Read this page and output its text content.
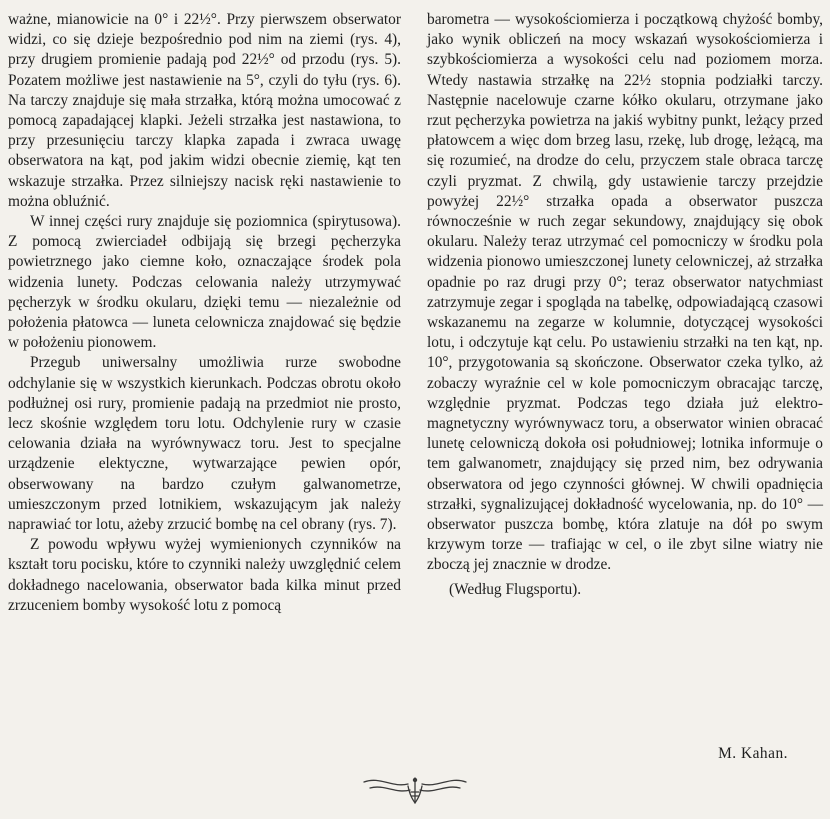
ważne, mianowicie na 0° i 22½°. Przy pierwszem obserwator widzi, co się dzieje bezpośrednio pod nim na ziemi (rys. 4), przy drugiem promienie padają pod 22½° od przodu (rys. 5). Pozatem możliwe jest nastawienie na 5°, czyli do tyłu (rys. 6). Na tarczy znajduje się mała strzałka, którą można umocować z pomocą zapadającej klapki. Jeżeli strzałka jest nastawiona, to przy przesunięciu tarczy klapka zapada i zwraca uwagę obserwatora na kąt, pod jakim widzi obecnie ziemię, kąt ten wskazuje strzałka. Przez silniejszy nacisk ręki nastawienie to można obluźnić.

W innej części rury znajduje się poziomnica (spirytusowa). Z pomocą zwierciadeł odbijają się brzegi pęcherzyka powietrznego jako ciemne koło, oznaczające środek pola widzenia lunety. Podczas celowania należy utrzymywać pęcherzyk w środku okularu, dzięki temu — niezależnie od położenia płatowca — luneta celownicza znajdować się będzie w położeniu pionowem.

Przegub uniwersalny umożliwia rurze swobodne odchylanie się w wszystkich kierunkach. Podczas obrotu około podłużnej osi rury, promienie padają na przedmiot nie prosto, lecz skośnie względem toru lotu. Odchylenie rury w czasie celowania działa na wyrównywacz toru. Jest to specjalne urządzenie elektyczne, wytwarzające pewien opór, obserwowany na bardzo czułym galwanometrze, umieszczonym przed lotnikiem, wskazującym jak należy naprawiać tor lotu, ażeby zrzucić bombę na cel obrany (rys. 7).

Z powodu wpływu wyżej wymienionych czynników na kształt toru pocisku, które to czynniki należy uwzględnić celem dokładnego nacelowania, obserwator bada kilka minut przed zrzuceniem bomby wysokość lotu z pomocą

barometra — wysokościomierza i początkową chyżość bomby, jako wynik obliczeń na mocy wskazań wysokościomierza i szybkościomierza a wysokości celu nad poziomem morza. Wtedy nastawia strzałkę na 22½ stopnia podziałki tarczy. Następnie nacelowuje czarne kółko okularu, otrzymane jako rzut pęcherzyka powietrza na jakiś wybitny punkt, leżący przed płatowcem a więc dom brzeg lasu, rzekę, lub drogę, leżącą, ma się rozumieć, na drodze do celu, przyczem stale obraca tarczę czyli pryzmat. Z chwilą, gdy ustawienie tarczy przejdzie powyżej 22½° strzałka opada a obserwator puszcza równocześnie w ruch zegar sekundowy, znajdujący się obok okularu. Należy teraz utrzymać cel pomocniczy w środku pola widzenia pionowo umieszczonej lunety celowniczej, aż strzałka opadnie po raz drugi przy 0°; teraz obserwator natychmiast zatrzymuje zegar i spogląda na tabelkę, odpowiadającą czasowi wskazanemu na zegarze w kolumnie, dotyczącej wysokości lotu, i odczytuje kąt celu. Po ustawieniu strzałki na ten kąt, np. 10°, przygotowania są skończone. Obserwator czeka tylko, aż zobaczy wyraźnie cel w kole pomocniczym obracając tarczę, względnie pryzmat. Podczas tego działa już elektro-magnetyczny wyrównywacz toru, a obserwator winien obracać lunetę celowniczą dokoła osi południowej; lotnika informuje o tem galwanometr, znajdujący się przed nim, bez odrywania obserwatora od jego czynności głównej. W chwili opadnięcia strzałki, sygnalizującej dokładność wycelowania, np. do 10° — obserwator puszcza bombę, która zlatuje na dół po swym krzywym torze — trafiając w cel, o ile zbyt silne wiatry nie zboczą jej znacznie w drodze.

(Według Flugsportu).

M. Kahan.
